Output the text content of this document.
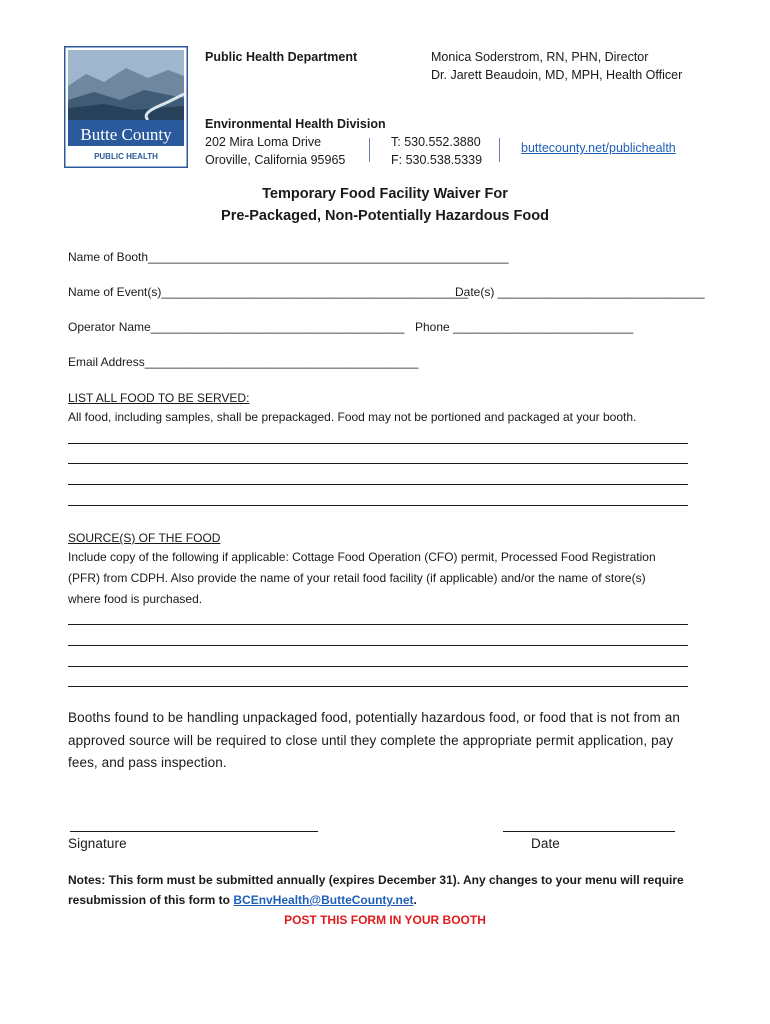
Butte County
PUBLIC HEALTH
Public Health Department	Monica Soderstrom, RN, PHN, Director
Dr. Jarett Beaudoin, MD, MPH, Health Officer
Environmental Health Division
202 Mira Loma Drive
Oroville, California 95965
T: 530.552.3880
F: 530.538.5339
buttecounty.net/publichealth
Temporary Food Facility Waiver For
Pre-Packaged, Non-Potentially Hazardous Food
Name of Booth______________________________________________________
Name of Event(s)______________________________________________
Date(s) _______________________________
Operator Name______________________________________ Phone ___________________________
Email Address_________________________________________
LIST ALL FOOD TO BE SERVED:
All food, including samples, shall be prepackaged. Food may not be portioned and packaged at your booth.
SOURCE(S) OF THE FOOD
Include copy of the following if applicable: Cottage Food Operation (CFO) permit, Processed Food Registration
(PFR) from CDPH. Also provide the name of your retail food facility (if applicable) and/or the name of store(s)
where food is purchased.
Booths found to be handling unpackaged food, potentially hazardous food, or food that is not from an
approved source will be required to close until they complete the appropriate permit application, pay
fees, and pass inspection.
Signature	Date
Notes: This form must be submitted annually (expires December 31). Any changes to your menu will require
resubmission of this form to BCEnvHealth@ButteCounty.net.
POST THIS FORM IN YOUR BOOTH
